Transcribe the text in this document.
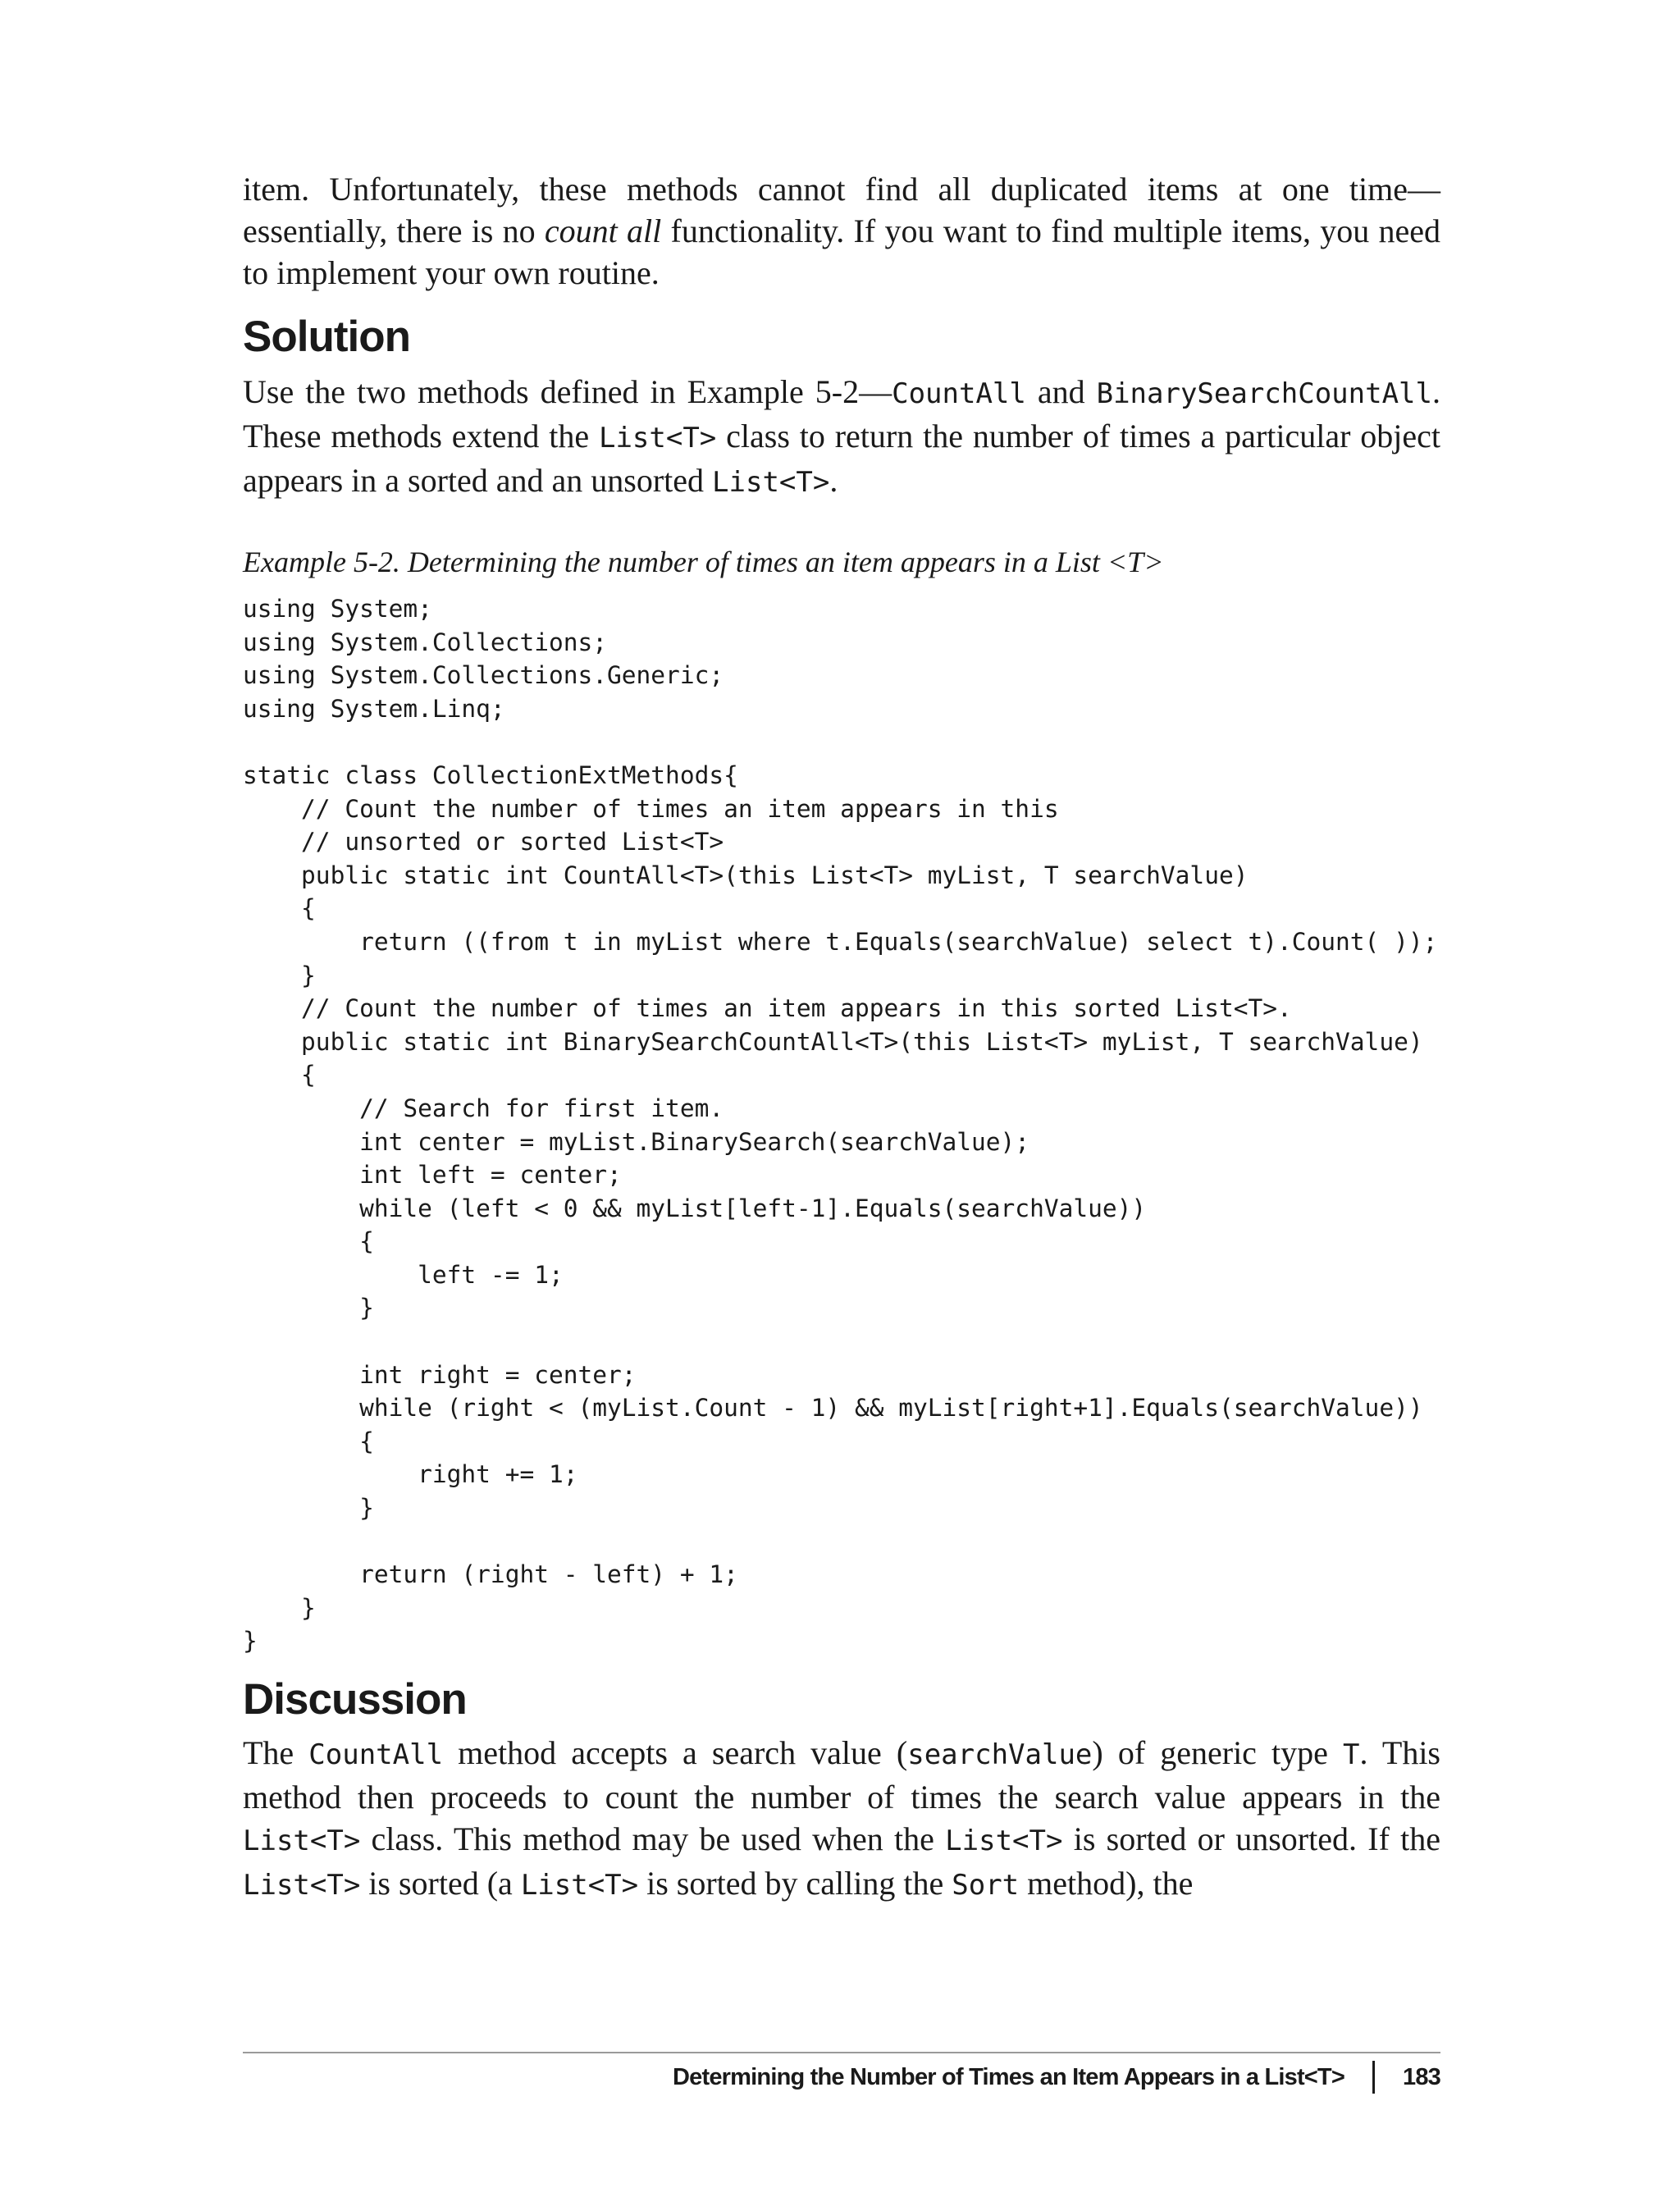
item. Unfortunately, these methods cannot find all duplicated items at one time—essentially, there is no count all functionality. If you want to find multiple items, you need to implement your own routine.

Solution

Use the two methods defined in Example 5-2—CountAll and BinarySearchCountAll. These methods extend the List<T> class to return the number of times a particular object appears in a sorted and an unsorted List<T>.

Example 5-2. Determining the number of times an item appears in a List <T>

using System;
using System.Collections;
using System.Collections.Generic;
using System.Linq;

static class CollectionExtMethods{
// Count the number of times an item appears in this
// unsorted or sorted List<T>
public static int CountAll<T>(this List<T> myList, T searchValue)
{
return ((from t in myList where t.Equals(searchValue) select t).Count( ));
}
// Count the number of times an item appears in this sorted List<T>.
public static int BinarySearchCountAll<T>(this List<T> myList, T searchValue)
{
// Search for first item.
int center = myList.BinarySearch(searchValue);
int left = center;
while (left < 0 && myList[left-1].Equals(searchValue))
{
left -= 1;
}

int right = center;
while (right < (myList.Count - 1) && myList[right+1].Equals(searchValue))
{
right += 1;
}

return (right - left) + 1;
}
}
Discussion

The CountAll method accepts a search value (searchValue) of generic type T. This method then proceeds to count the number of times the search value appears in the List<T> class. This method may be used when the List<T> is sorted or unsorted. If the List<T> is sorted (a List<T> is sorted by calling the Sort method), the

Determining the Number of Times an Item Appears in a List<T> 183
